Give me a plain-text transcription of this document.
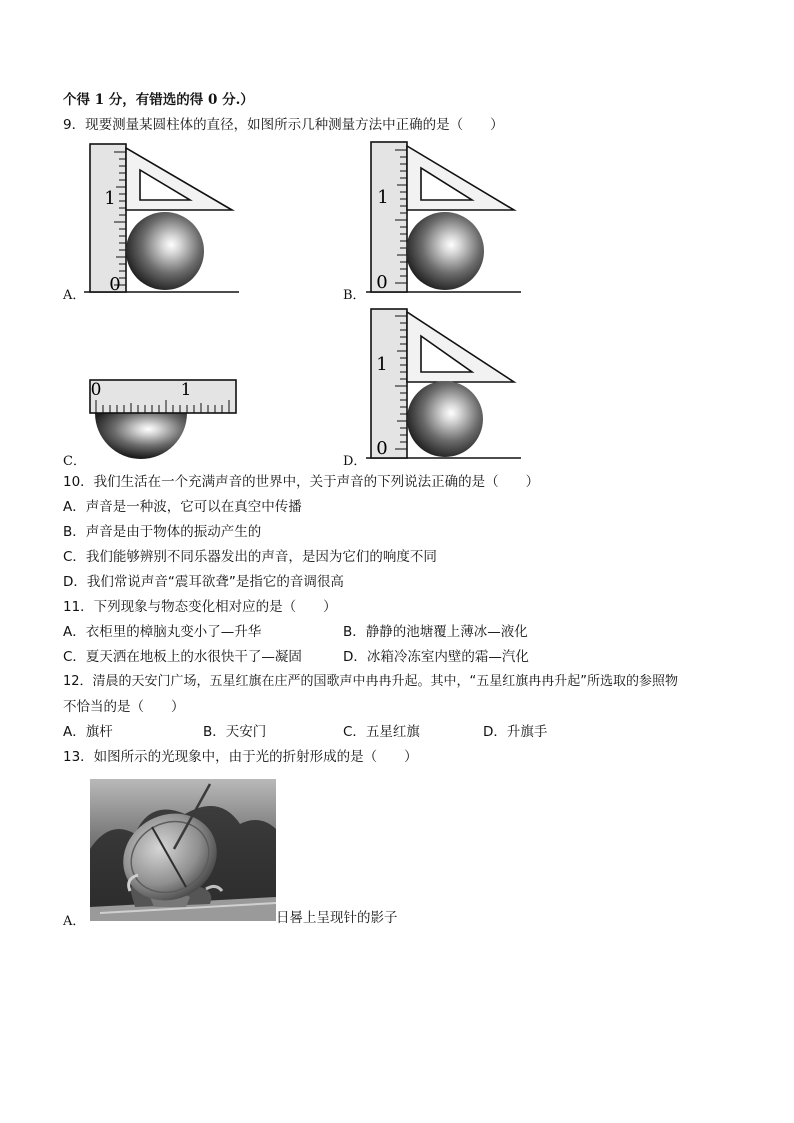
个得 1 分，有错选的得 0 分.）
9．现要测量某圆柱体的直径，如图所示几种测量方法中正确的是（　　）
A．
1
0
B．
1
0
C．
0	1
D．
1
0
10．我们生活在一个充满声音的世界中，关于声音的下列说法正确的是（　　）
A．声音是一种波，它可以在真空中传播
B．声音是由于物体的振动产生的
C．我们能够辨别不同乐器发出的声音，是因为它们的响度不同
D．我们常说声音“震耳欲聋”是指它的音调很高
11．下列现象与物态变化相对应的是（　　）
A．衣柜里的樟脑丸变小了—升华	B．静静的池塘覆上薄冰—液化
C．夏天洒在地板上的水很快干了—凝固	D．冰箱冷冻室内壁的霜—汽化
12．清晨的天安门广场，五星红旗在庄严的国歌声中冉冉升起。其中，“五星红旗冉冉升起”所选取的参照物
不恰当的是（　　）
A．旗杆	B．天安门	C．五星红旗	D．升旗手
13．如图所示的光现象中，由于光的折射形成的是（　　）
A．	日晷上呈现针的影子
